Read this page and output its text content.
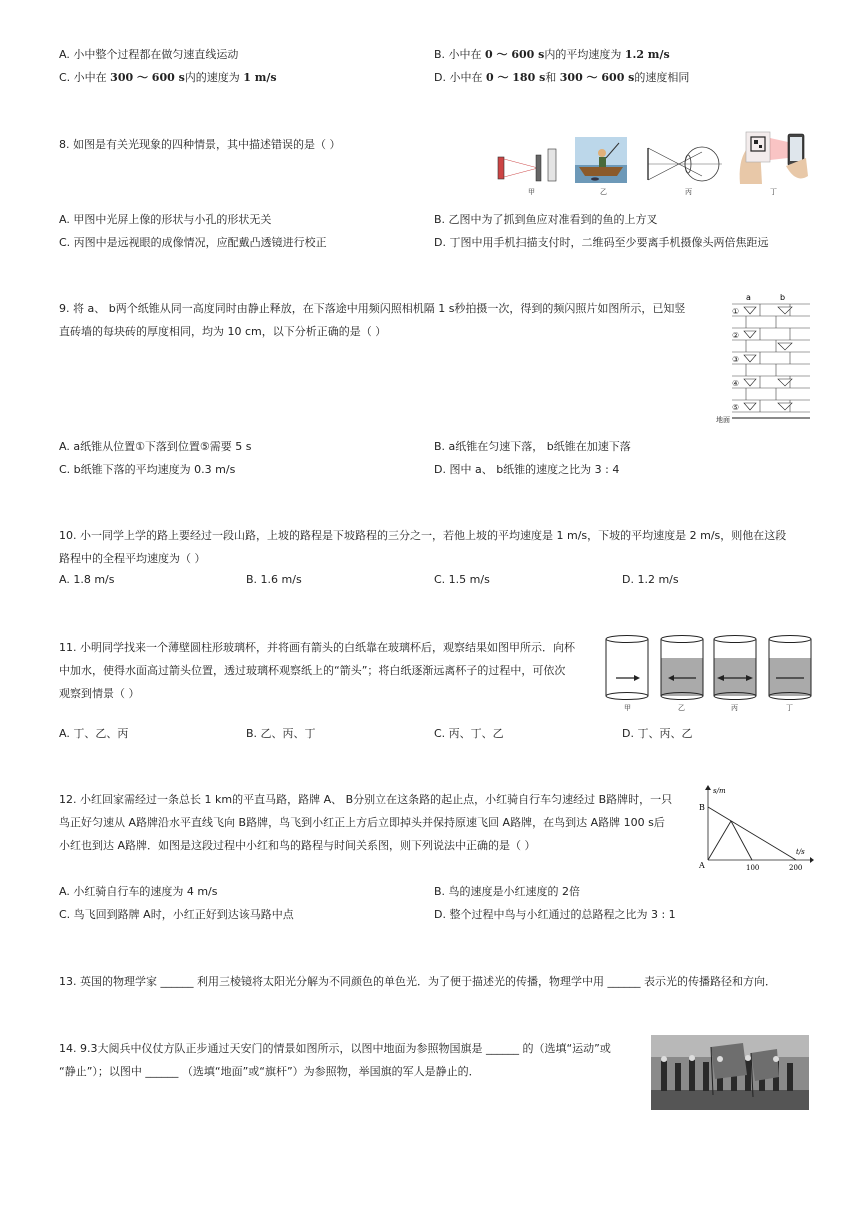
A. 小中整个过程都在做匀速直线运动	B. 小中在 0 ～ 600 s内的平均速度为 1.2 m/s
C. 小中在 300 ～ 600 s内的速度为 1 m/s	D. 小中在 0 ～ 180 s和 300 ～ 600 s的速度相同
8. 如图是有关光现象的四种情景，其中描述错误的是（ ）
甲	乙	丙	丁
A. 甲图中光屏上像的形状与小孔的形状无关	B. 乙图中为了抓到鱼应对准看到的鱼的上方叉
C. 丙图中是远视眼的成像情况，应配戴凸透镜进行校正	D. 丁图中用手机扫描支付时，二维码至少要离手机摄像头两倍焦距远
9. 将 a、 b两个纸锥从同一高度同时由静止释放，在下落途中用频闪照相机隔 1 s秒拍摄一次，得到的频闪照片如图所示，已知竖
直砖墙的每块砖的厚度相同，均为 10 cm，以下分析正确的是（ ）
a	b
①
②
③
④
⑤
地面
A. a纸锥从位置①下落到位置⑤需要 5 s	B. a纸锥在匀速下落， b纸锥在加速下落
C. b纸锥下落的平均速度为 0.3 m/s	D. 图中 a、 b纸锥的速度之比为 3 : 4
10. 小一同学上学的路上要经过一段山路，上坡的路程是下坡路程的三分之一，若他上坡的平均速度是 1 m/s，下坡的平均速度是 2 m/s，则他在这段
路程中的全程平均速度为（ ）
A. 1.8 m/s	B. 1.6 m/s	C. 1.5 m/s	D. 1.2 m/s
11. 小明同学找来一个薄壁圆柱形玻璃杯，并将画有箭头的白纸靠在玻璃杯后，观察结果如图甲所示．向杯
中加水，使得水面高过箭头位置，透过玻璃杯观察纸上的“箭头”；将白纸逐渐远离杯子的过程中，可依次
观察到情景（ ）
甲	乙	丙	丁
A. 丁、乙、丙	B. 乙、丙、丁	C. 丙、丁、乙	D. 丁、丙、乙
12. 小红回家需经过一条总长 1 km的平直马路，路牌 A、 B分别立在这条路的起止点，小红骑自行车匀速经过 B路牌时，一只
鸟正好匀速从 A路牌沿水平直线飞向 B路牌，鸟飞到小红正上方后立即掉头并保持原速飞回 A路牌，在鸟到达 A路牌 100 s后
小红也到达 A路牌．如图是这段过程中小红和鸟的路程与时间关系图，则下列说法中正确的是（ ）
s/m
t/s
B
A	100	200
A. 小红骑自行车的速度为 4 m/s	B. 鸟的速度是小红速度的 2倍
C. 鸟飞回到路牌 A时，小红正好到达该马路中点	D. 整个过程中鸟与小红通过的总路程之比为 3 : 1
13. 英国的物理学家 ______ 利用三棱镜将太阳光分解为不同颜色的单色光．为了便于描述光的传播，物理学中用 ______ 表示光的传播路径和方向．
14. 9.3大阅兵中仪仗方队正步通过天安门的情景如图所示，以图中地面为参照物国旗是 ______ 的（选填“运动”或
“静止”）；以图中 ______ （选填“地面”或“旗杆”）为参照物，举国旗的军人是静止的．
